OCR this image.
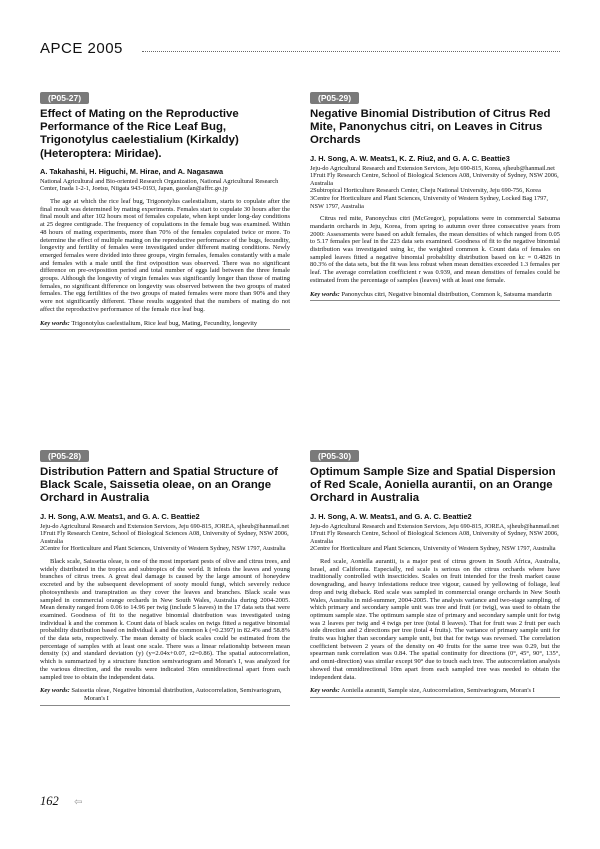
APCE 2005
(P05-27)
Effect of Mating on the Reproductive Performance of the Rice Leaf Bug, Trigonotylus caelestialium (Kirkaldy) (Heteroptera: Miridae).
A. Takahashi, H. Higuchi, M. Hirae, and A. Nagasawa
National Agricultural and Bio-oriented Research Organization, National Agricultural Research Center, Inada 1-2-1, Joetsu, Niigata 943-0193, Japan, gaoolan@affrc.go.jp

The age at which the rice leaf bug, Trigonotylus caelestialium, starts to copulate after the final moult was determined by mating experiments. Females start to copulate 30 hours after the final moult and after 102 hours most of females copulate, when kept under long-day conditions at 25 degree centigrade. The frequency of copulations in the female bug was examined. Within 48 hours of mating experiments, more than 70% of the females copulated twice or more. To determine the effect of multiple mating on the reproductive performance of the bugs, fecundity, longevity and fertility of females were investigated under different mating conditions. Newly emerged females were divided into three groups, virgin females, females constantly with a male and females with a male until the first oviposition was observed. There was no significant difference on pre-oviposition period and total number of eggs laid between the three female groups. Although the longevity of virgin females was significantly longer than those of mating females, no significant difference on longevity was observed between the two groups of mated females. The egg fertilities of the two groups of mated females were more than 90% and they were not significantly different. These results suggested that the numbers of mating do not affect the reproductive performance of the female rice leaf bug.

Key words: Trigonotylus caelestialium, Rice leaf bug, Mating, Fecundity, longevity
(P05-29)
Negative Binomial Distribution of Citrus Red Mite, Panonychus citri, on Leaves in Citrus Orchards
J. H. Song, A. W. Meats1, K. Z. Riu2, and G. A. C. Beattie3
Jeju-do Agricultural Research and Extension Services, Jeju 690-815, Korea, sjheub@hanmail.net
1Fruit Fly Research Centre, School of Biological Sciences A08, University of Sydney, NSW 2006, Australia
2Subtropical Horticulture Research Center, Cheju National University, Jeju 690-756, Korea
3Centre for Horticulture and Plant Sciences, University of Western Sydney, Locked Bag 1797, NSW 1797, Australia

Citrus red mite, Panonychus citri (McGregor), populations were in commercial Satsuma mandarin orchards in Jeju, Korea, from spring to autumn over three consecutive years from 2000: Assessments were based on adult females, the mean densities of which ranged from 0.05 to 5.17 females per leaf in the 223 data sets examined. Goodness of fit to the negative binomial distribution was investigated using kc, the weighted common k. Count data of females on sampled leaves fitted a negative binomial probability distribution based on kc = 0.4826 in 80.3% of the data sets, but the fit was less robust when mean densities exceeded 1.3 females per leaf. The average correlation coefficient r was 0.939, and mean densities of females could be estimated from the percentage of samples (leaves) with at least one female.

Key words: Panonychus citri, Negative binomial distribution, Common k, Satsuma mandarin
(P05-28)
Distribution Pattern and Spatial Structure of Black Scale, Saissetia oleae, on an Orange Orchard in Australia
J. H. Song, A.W. Meats1, and G. A. C. Beattie2
Jeju-do Agricultural Research and Extension Services, Jeju 690-815, JOREA, sjheub@hanmail.net
1Fruit Fly Research Centre, School of Biological Sciences A08, University of Sydney, NSW 2006, Australia
2Centre for Horticulture and Plant Sciences, University of Western Sydney, NSW 1797, Australia

Black scale, Saissetia oleae, is one of the most important pests of olive and citrus trees, and widely distributed in the tropics and subtropics of the world. It infests the leaves and young branches of citrus trees. A great deal damage is caused by the large amount of honeydew excreted and by the subsequent development of sooty mould fungi, which severely reduce photosynthesis and transpiration as they cover the leaves and branches. Black scale was sampled in commercial orange orchards in New South Wales, Australia during 2004-2005. Mean density ranged from 0.06 to 14.96 per twig (include 5 leaves) in the 17 data sets that were examined. Goodness of fit to the negative binomial distribution was investigated using individual k and the common k. Count data of black scales on twigs fitted a negative binomial probability distribution based on individual k and the common k (=0.2397) in 82.4% and 58.8% of the data sets, respectively. The mean density of black scales could be estimated from the percentage of samples with at least one scale. There was a linear relationship between mean density (x) and standard deviation (y) (y=2.04x+0.07, r2=0.86). The spatial autocorrelation, which is summarized by a structure function semivariogram and Moran's I, was analyzed for the various direction, and the results were indicated 36m omnidirectional apart from each sampled tree to obtain the independent data.

Key words: Saissetia oleae, Negative binomial distribution, Autocorrelation, Semivariogram, Moran's I
(P05-30)
Optimum Sample Size and Spatial Dispersion of Red Scale, Aoniella aurantii, on an Orange Orchard in Australia
J. H. Song, A. W. Meats1, and G. A. C. Beattie2
Jeju-do Agricultural Research and Extension Services, Jeju 690-815, JOREA, sjheub@hanmail.net
1Fruit Fly Research Centre, School of Biological Sciences A08, University of Sydney, NSW 2006, Australia
2Centre for Horticulture and Plant Sciences, University of Western Sydney, NSW 1797, Australia

Red scale, Aoniella aurantii, is a major pest of citrus grown in South Africa, Australia, Israel, and California. Especially, red scale is serious on the citrus orchards where have traditionally controlled with insecticides. Scales on fruit intended for the fresh market cause downgrading, and heavy infestations reduce tree vigour, caused by yellowing of foliage, leaf drop and twig dieback. Red scale was sampled in commercial orange orchards in New South Wales, Australia in mid-summer, 2004-2005. The analysis variance and two-stage sampling, of which primary and secondary sample unit was tree and fruit (or twig), was used to obtain the optimum sample size. The optimum sample size of primary and secondary sample unit for twig was 2 leaves per twig and 4 twigs per tree (total 8 leaves). That for fruit was 2 fruit per each side direction and 2 directions per tree (total 4 fruits). The variance of primary sample unit for fruits was higher than secondary sample unit, but that for twigs was reversed. The correlation coefficient between 2 years of the density on 40 fruits for the same tree was 0.29, but the spearman rank correlation was 0.84. The spatial continuity for directions (0°, 45°, 90°, 135°, and omni-direction) was similar except 90° due to touch each tree. The autocorrelation analysis showed that omnidirectional 10m apart from each sampled tree was needed to obtain the independent data.

Key words: Aoniella aurantii, Sample size, Autocorrelation, Semivariogram, Moran's I
162 ⇦
